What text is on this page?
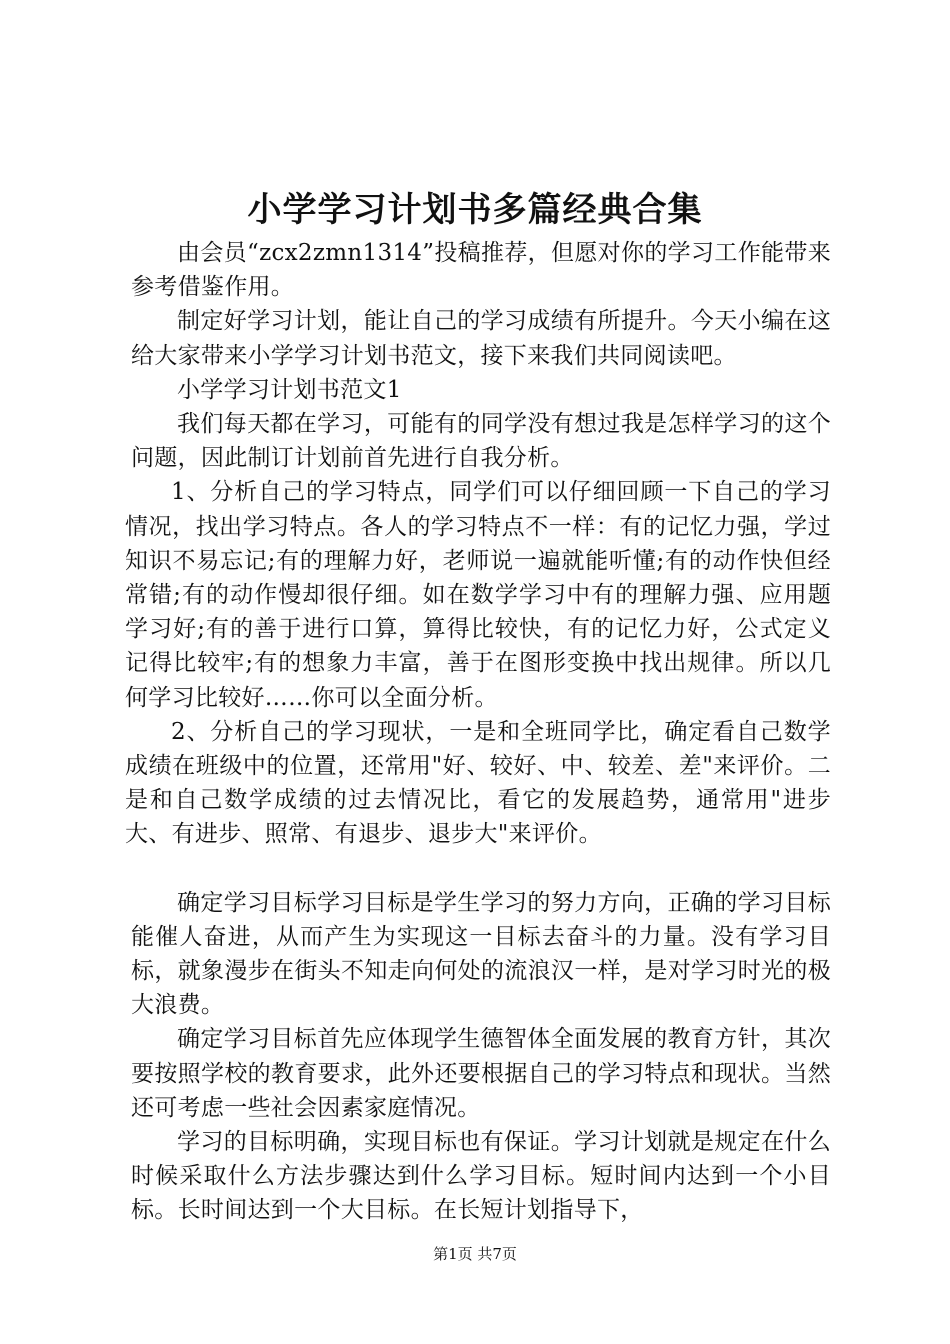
小学学习计划书多篇经典合集

由会员“zcx2zmn1314”投稿推荐，但愿对你的学习工作能带来参考借鉴作用。

制定好学习计划，能让自己的学习成绩有所提升。今天小编在这给大家带来小学学习计划书范文，接下来我们共同阅读吧。

小学学习计划书范文1

我们每天都在学习，可能有的同学没有想过我是怎样学习的这个问题，因此制订计划前首先进行自我分析。

1、分析自己的学习特点，同学们可以仔细回顾一下自己的学习情况，找出学习特点。各人的学习特点不一样：有的记忆力强，学过知识不易忘记;有的理解力好，老师说一遍就能听懂;有的动作快但经常错;有的动作慢却很仔细。如在数学学习中有的理解力强、应用题学习好;有的善于进行口算，算得比较快，有的记忆力好，公式定义记得比较牢;有的想象力丰富，善于在图形变换中找出规律。所以几何学习比较好……你可以全面分析。

2、分析自己的学习现状，一是和全班同学比，确定看自己数学成绩在班级中的位置，还常用"好、较好、中、较差、差"来评价。二是和自己数学成绩的过去情况比，看它的发展趋势，通常用"进步大、有进步、照常、有退步、退步大"来评价。

确定学习目标学习目标是学生学习的努力方向，正确的学习目标能催人奋进，从而产生为实现这一目标去奋斗的力量。没有学习目标，就象漫步在街头不知走向何处的流浪汉一样，是对学习时光的极大浪费。

确定学习目标首先应体现学生德智体全面发展的教育方针，其次要按照学校的教育要求，此外还要根据自己的学习特点和现状。当然还可考虑一些社会因素家庭情况。

学习的目标明确，实现目标也有保证。学习计划就是规定在什么时候采取什么方法步骤达到什么学习目标。短时间内达到一个小目标。长时间达到一个大目标。在长短计划指导下，

第1页 共7页
